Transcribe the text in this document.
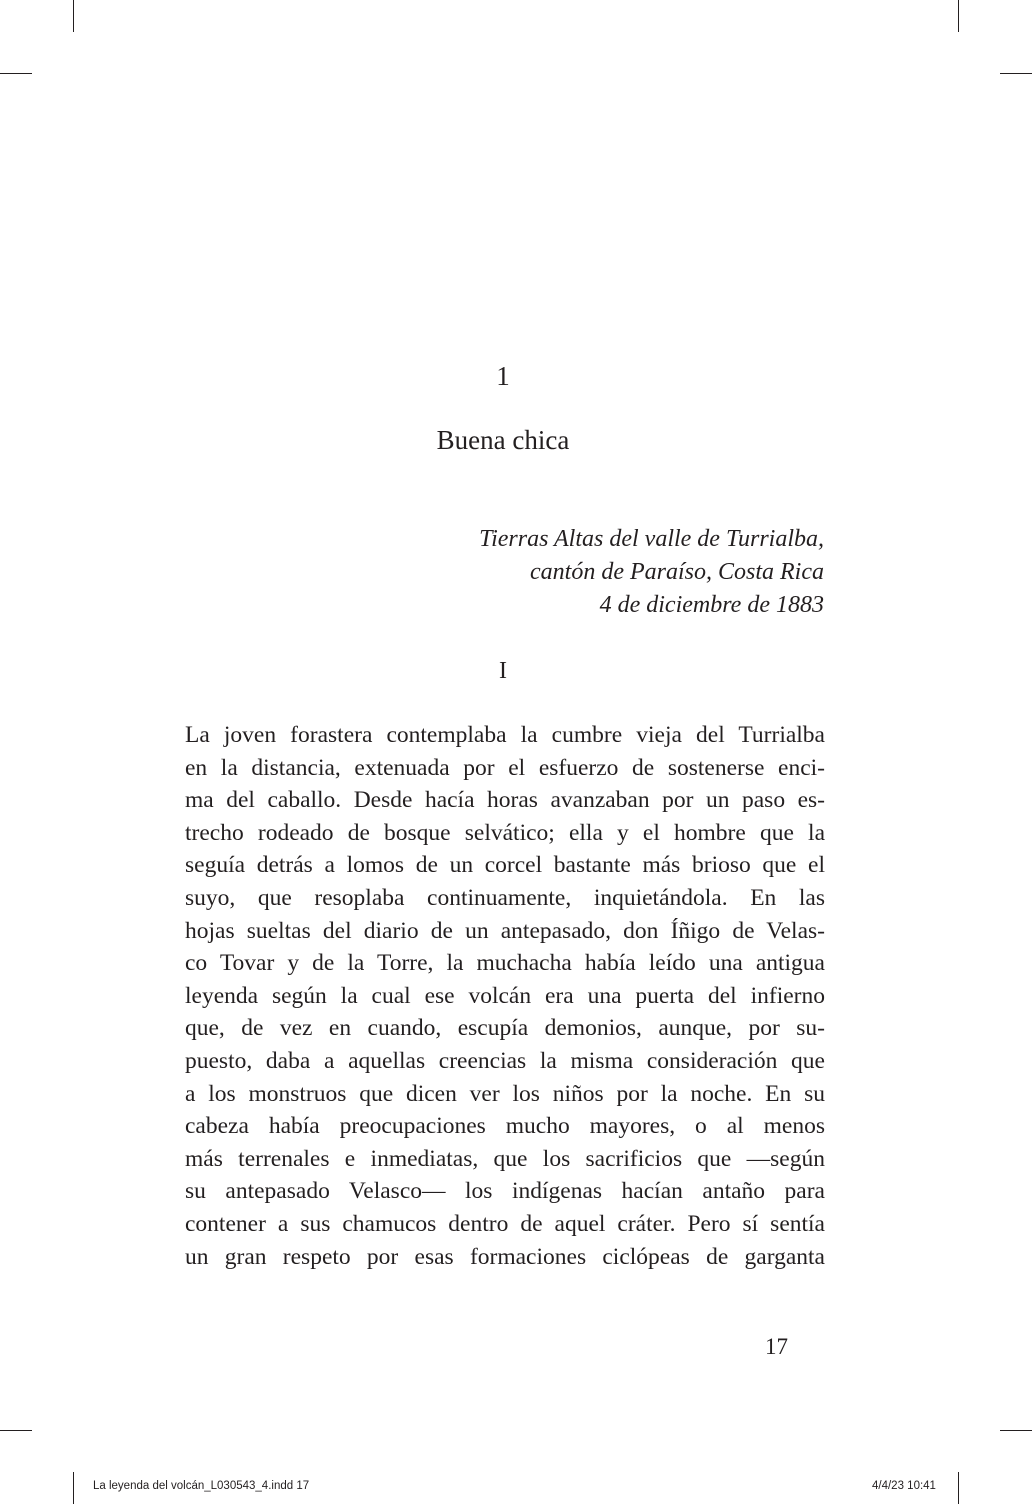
1
Buena chica
Tierras Altas del valle de Turrialba,
cantón de Paraíso, Costa Rica
4 de diciembre de 1883
I
La joven forastera contemplaba la cumbre vieja del Turrialba
en la distancia, extenuada por el esfuerzo de sostenerse enci-
ma del caballo. Desde hacía horas avanzaban por un paso es-
trecho rodeado de bosque selvático; ella y el hombre que la
seguía detrás a lomos de un corcel bastante más brioso que el
suyo, que resoplaba continuamente, inquietándola. En las
hojas sueltas del diario de un antepasado, don Íñigo de Velas-
co Tovar y de la Torre, la muchacha había leído una antigua
leyenda según la cual ese volcán era una puerta del infierno
que, de vez en cuando, escupía demonios, aunque, por su-
puesto, daba a aquellas creencias la misma consideración que
a los monstruos que dicen ver los niños por la noche. En su
cabeza había preocupaciones mucho mayores, o al menos
más terrenales e inmediatas, que los sacrificios que —según
su antepasado Velasco— los indígenas hacían antaño para
contener a sus chamucos dentro de aquel cráter. Pero sí sentía
un gran respeto por esas formaciones ciclópeas de garganta
17
La leyenda del volcán_L030543_4.indd 17	4/4/23 10:41
